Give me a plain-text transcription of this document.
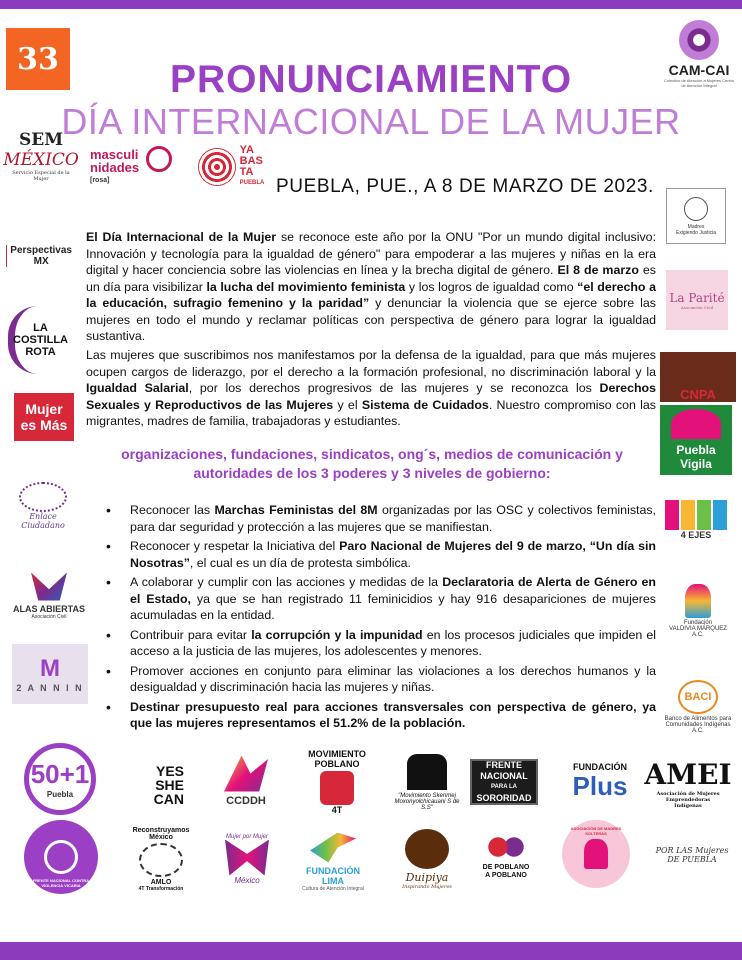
PRONUNCIAMIENTO
DÍA INTERNACIONAL DE LA MUJER
PUEBLA, PUE., A 8 DE MARZO DE 2023.
33	CAM-CAI
Colectivo de Atención a Mujeres Centro de Atención Integral
SEM
MÉXICO
Servicio Especial de la Mujer
masculi
nidades
[rosa]
YA
BAS
TA
PUEBLA
Madres
Exigiendo Justicia
La Parité
Asociación Civil
Perspectivas MX
LA
COSTILLA
ROTA
Mujer
es Más
CNPA
Puebla
Vigila
Enlace
Ciudadano
4 EJES
ALAS ABIERTAS
Asociación Civil
Fundación
VALDIVIA MÁRQUEZ A.C.
M
2 A N N I N
BACI
Banco de Alimentos para Comunidades Indígenas A.C.
El Día Internacional de la Mujer se reconoce este año por la ONU "Por un mundo digital inclusivo: Innovación y tecnología para la igualdad de género" para empoderar a las mujeres y niñas en la era digital y hacer conciencia sobre las violencias en línea y la brecha digital de género. El 8 de marzo es un día para visibilizar la lucha del movimiento feminista y los logros de igualdad como “el derecho a la educación, sufragio femenino y la paridad” y denunciar la violencia que se ejerce sobre las mujeres en todo el mundo y reclamar políticas con perspectiva de género para lograr la igualdad sustantiva.
Las mujeres que suscribimos nos manifestamos por la defensa de la igualdad, para que más mujeres ocupen cargos de liderazgo, por el derecho a la formación profesional, no discriminación laboral y la Igualdad Salarial, por los derechos progresivos de las mujeres y se reconozca los Derechos Sexuales y Reproductivos de las Mujeres y el Sistema de Cuidados. Nuestro compromiso con las migrantes, madres de familia, trabajadoras y estudiantes.
organizaciones, fundaciones, sindicatos, ong´s, medios de comunicación y autoridades de los 3 poderes y 3 niveles de gobierno:
• Reconocer las Marchas Feministas del 8M organizadas por las OSC y colectivos feministas, para dar seguridad y protección a las mujeres que se manifiestan.
• Reconocer y respetar la Iniciativa del Paro Nacional de Mujeres del 9 de marzo, “Un día sin Nosotras”, el cual es un día de protesta simbólica.
• A colaborar y cumplir con las acciones y medidas de la Declaratoria de Alerta de Género en el Estado, ya que se han registrado 11 feminicidios y hay 916 desapariciones de mujeres acumuladas en la entidad.
• Contribuir para evitar la corrupción y la impunidad en los procesos judiciales que impiden el acceso a la justicia de las mujeres, los adolescentes y menores.
• Promover acciones en conjunto para eliminar las violaciones a los derechos humanos y la desigualdad y discriminación hacia las mujeres y niñas.
• Destinar presupuesto real para acciones transversales con perspectiva de género, ya que las mujeres representamos el 51.2% de la población.
50+1
Puebla
YES
SHE
CAN	CCDDH
MOVIMIENTO
POBLANO
4T
"Movimiento Skenmej
Moxonyolchicauani S de S.S"
FRENTE NACIONAL
PARA LA
SORORIDAD
FUNDACIÓN
Plus AMEI
Asociación de Mujeres Emprendedoras Indígenas
FRENTE NACIONAL CONTRA VIOLENCIA VICARIA
Reconstruyamos
México
AMLO
4T Transformación
Mujer por Mujer
México
FUNDACIÓN LIMA
Cultura de Atención Integral
Duipiya
Inspirando Mujeres
DE POBLANO
A POBLANO
ASOCIACIÓN DE MADRES SOLTERAS
POR LAS Mujeres
DE PUEBLA
